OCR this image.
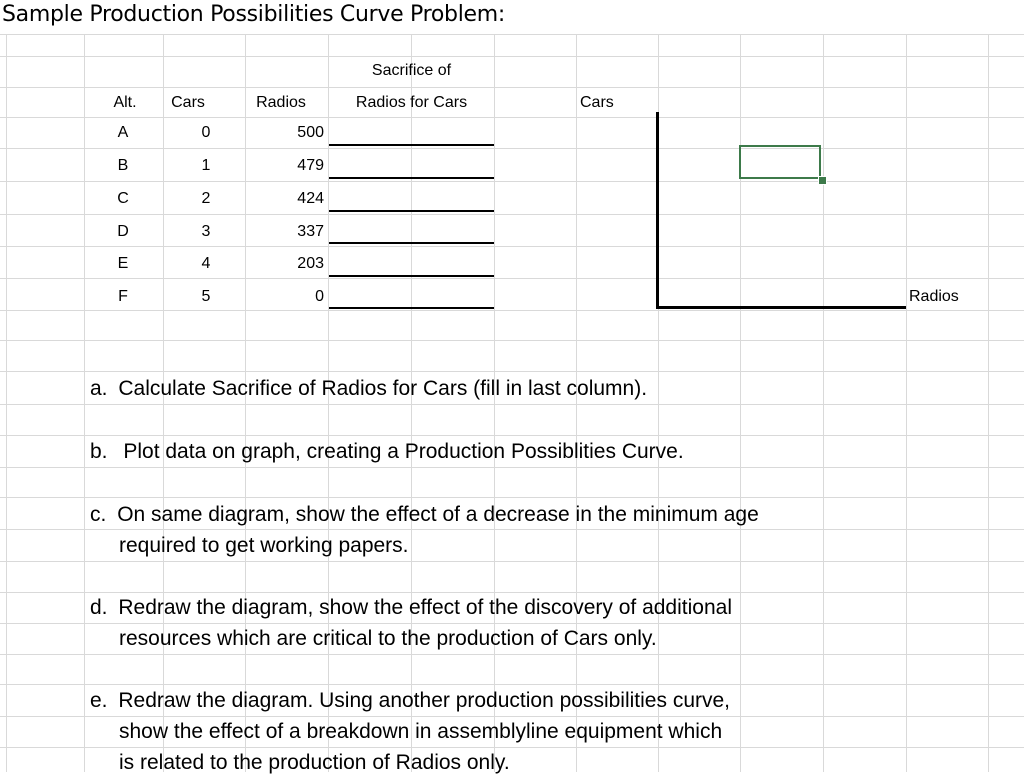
Sample Production Possibilities Curve Problem:
Sacrifice of
Alt.	Cars	Radios	Radios for Cars
A	0	500
B	1	479
C	2	424
D	3	337
E	4	203
F	5	0
Cars
Radios
a. Calculate Sacrifice of Radios for Cars (fill in last column).
b. Plot data on graph, creating a Production Possiblities Curve.
c. On same diagram, show the effect of a decrease in the minimum age
required to get working papers.
d. Redraw the diagram, show the effect of the discovery of additional
resources which are critical to the production of Cars only.
e. Redraw the diagram. Using another production possibilities curve,
show the effect of a breakdown in assemblyline equipment which
is related to the production of Radios only.
